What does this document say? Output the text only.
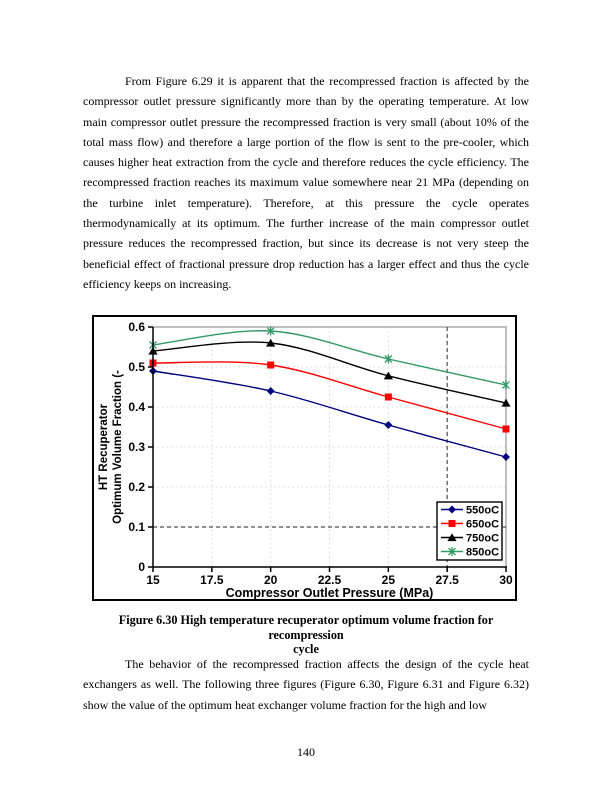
From Figure 6.29 it is apparent that the recompressed fraction is affected by the compressor outlet pressure significantly more than by the operating temperature. At low main compressor outlet pressure the recompressed fraction is very small (about 10% of the total mass flow) and therefore a large portion of the flow is sent to the pre-cooler, which causes higher heat extraction from the cycle and therefore reduces the cycle efficiency. The recompressed fraction reaches its maximum value somewhere near 21 MPa (depending on the turbine inlet temperature). Therefore, at this pressure the cycle operates thermodynamically at its optimum. The further increase of the main compressor outlet pressure reduces the recompressed fraction, but since its decrease is not very steep the beneficial effect of fractional pressure drop reduction has a larger effect and thus the cycle efficiency keeps on increasing.

550oC
650oC
750oC
850oC
0
0.1
0.2
0.3
0.4
0.5
0.6
15	17.5	20	22.5	25	27.5	30
Compressor Outlet Pressure (MPa)
HT Recuperator Optimum Volume Fraction (-
Figure 6.30 High temperature recuperator optimum volume fraction for recompression
cycle

The behavior of the recompressed fraction affects the design of the cycle heat exchangers as well. The following three figures (Figure 6.30, Figure 6.31 and Figure 6.32) show the value of the optimum heat exchanger volume fraction for the high and low

140
